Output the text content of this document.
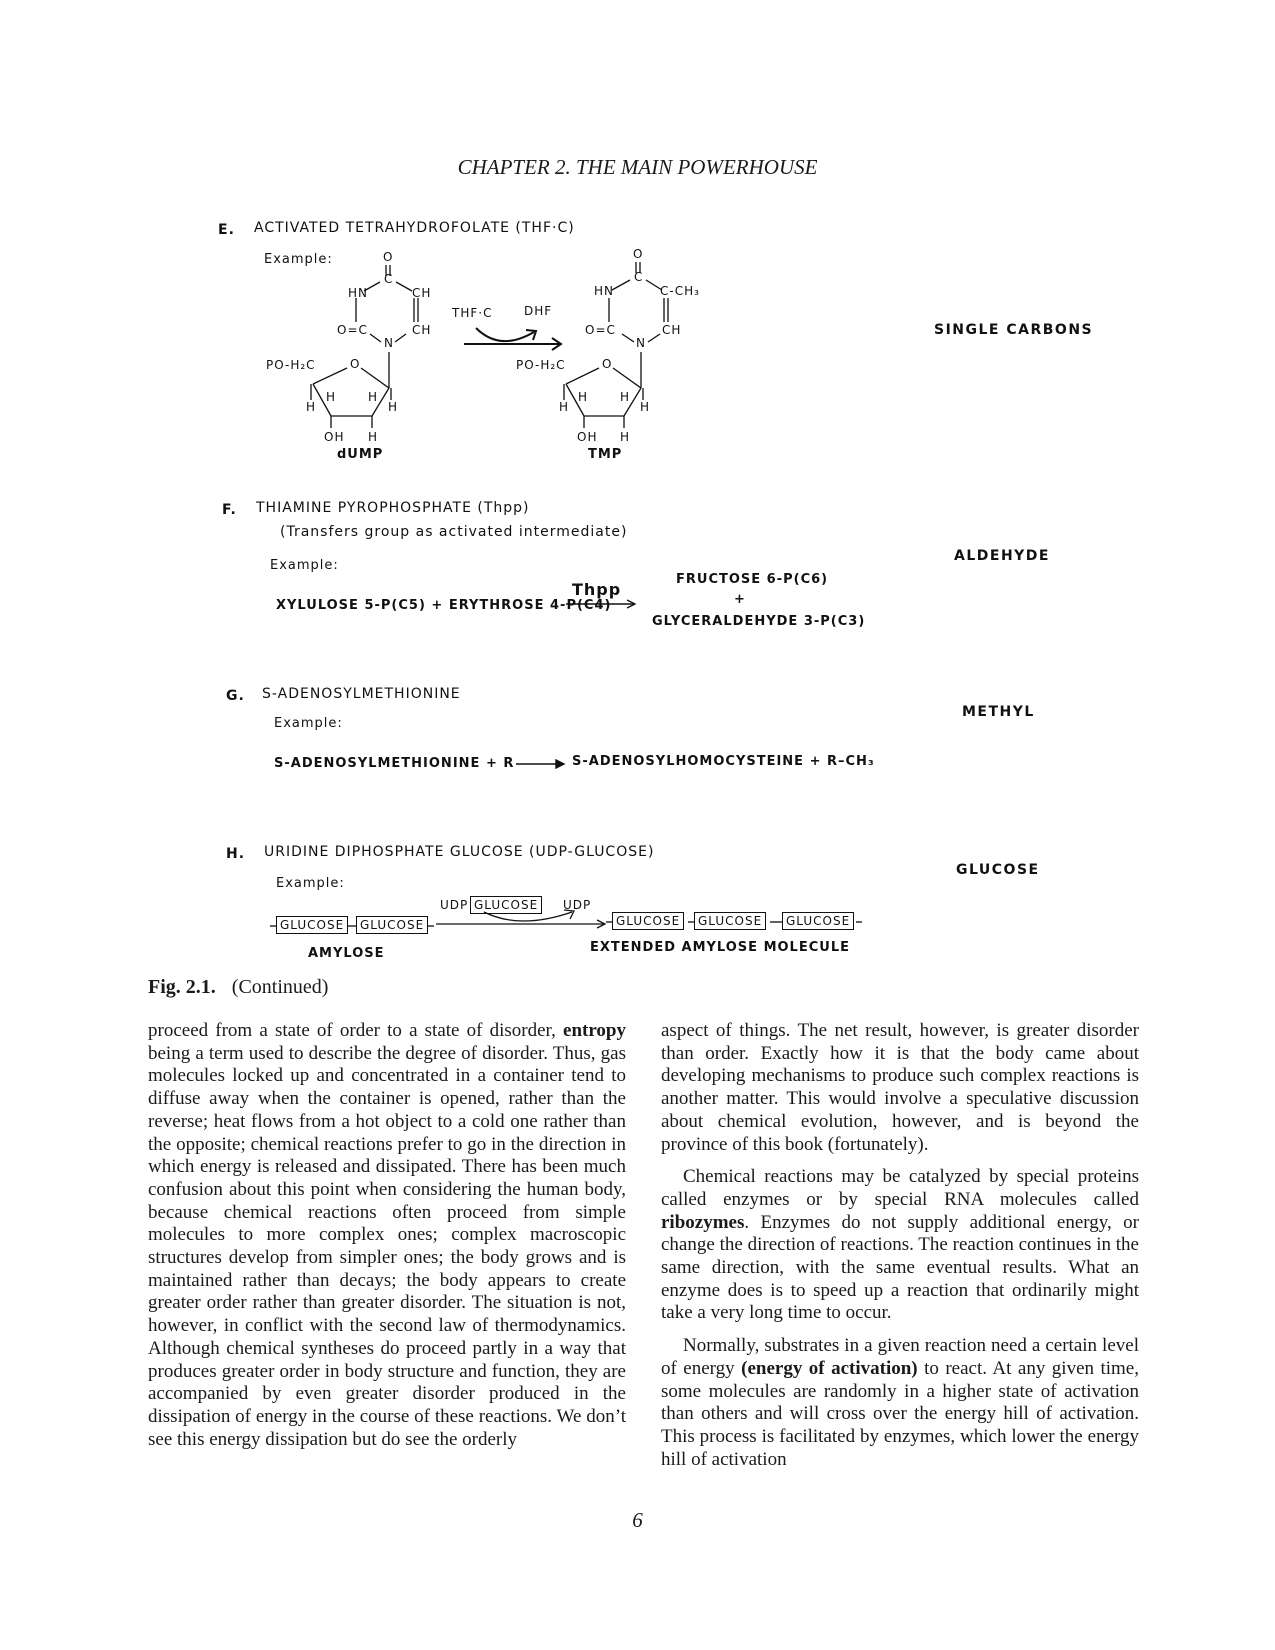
CHAPTER 2. THE MAIN POWERHOUSE
E. ACTIVATED TETRAHYDROFOLATE (THF·C)
Example:
SINGLE CARBONS
O
HN
C
CH
CH
O=C
N
PO-H₂C	O
H
H	H
H
OH H
dUMP
THF·C	DHF
O
HN
C
C-CH₃
CH
O=C
N
PO-H₂C	O
H
H	H
H
OH H
TMP
F. THIAMINE PYROPHOSPHATE (Thpp)
(Transfers group as activated intermediate)
Example:
ALDEHYDE
XYLULOSE 5-P(C5) + ERYTHROSE 4-P(C4)
Thpp
FRUCTOSE 6-P(C6)
+
GLYCERALDEHYDE 3-P(C3)
G. S-ADENOSYLMETHIONINE
Example:
METHYL
S-ADENOSYLMETHIONINE + R	S-ADENOSYLHOMOCYSTEINE + R–CH₃
H. URIDINE DIPHOSPHATE GLUCOSE (UDP-GLUCOSE)
Example:
GLUCOSE
UDP GLUCOSE	UDP
GLUCOSE	GLUCOSE
AMYLOSE
GLUCOSE	GLUCOSE	GLUCOSE
EXTENDED AMYLOSE MOLECULE
Fig. 2.1. (Continued)

proceed from a state of order to a state of disorder, entropy being a term used to describe the degree of disorder. Thus, gas molecules locked up and concentrated in a container tend to diffuse away when the container is opened, rather than the reverse; heat flows from a hot object to a cold one rather than the opposite; chemical reactions prefer to go in the direction in which energy is released and dissipated. There has been much confusion about this point when considering the human body, because chemical reactions often proceed from simple molecules to more complex ones; complex macroscopic structures develop from simpler ones; the body grows and is maintained rather than decays; the body appears to create greater order rather than greater disorder. The situation is not, however, in conflict with the second law of thermodynamics. Although chemical syntheses do proceed partly in a way that produces greater order in body structure and function, they are accompanied by even greater disorder produced in the dissipation of energy in the course of these reactions. We don’t see this energy dissipation but do see the orderly

aspect of things. The net result, however, is greater disorder than order. Exactly how it is that the body came about developing mechanisms to produce such complex reactions is another matter. This would involve a speculative discussion about chemical evolution, however, and is beyond the province of this book (fortunately).

Chemical reactions may be catalyzed by special proteins called enzymes or by special RNA molecules called ribozymes. Enzymes do not supply additional energy, or change the direction of reactions. The reaction continues in the same direction, with the same eventual results. What an enzyme does is to speed up a reaction that ordinarily might take a very long time to occur.

Normally, substrates in a given reaction need a certain level of energy (energy of activation) to react. At any given time, some molecules are randomly in a higher state of activation than others and will cross over the energy hill of activation. This process is facilitated by enzymes, which lower the energy hill of activation

6
